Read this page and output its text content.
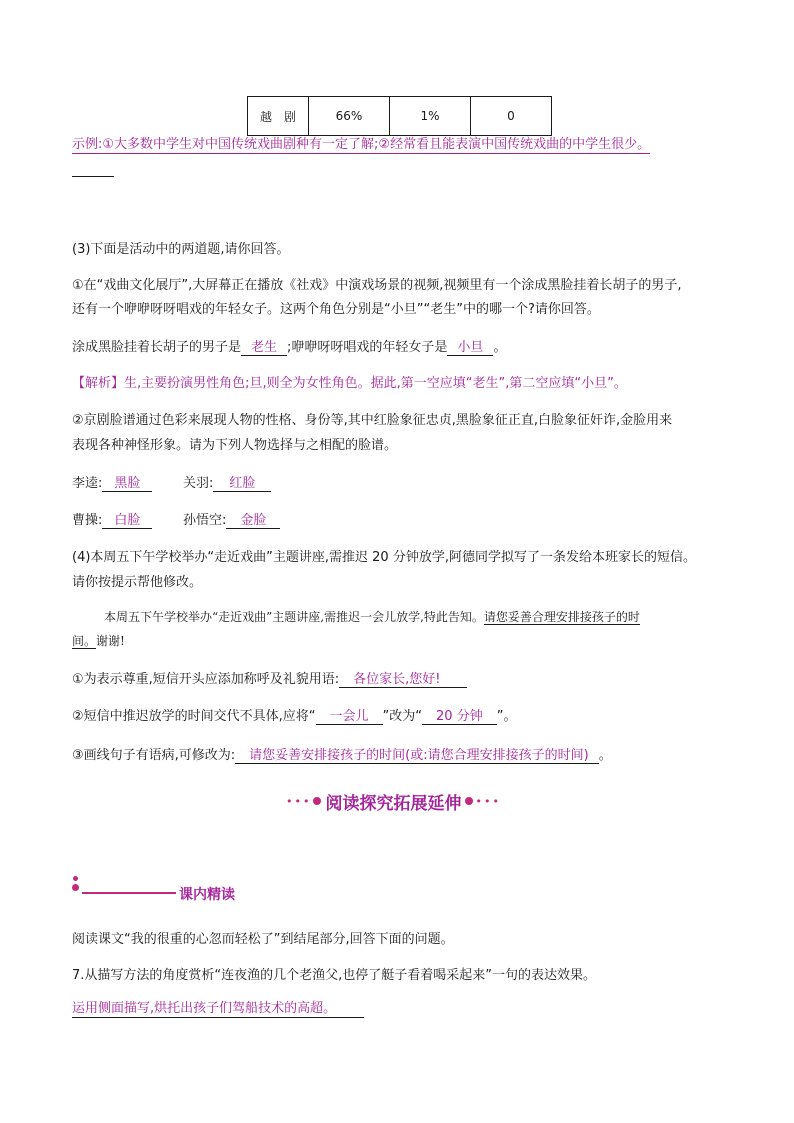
越　剧	66%	1%	0
示例:①大多数中学生对中国传统戏曲剧种有一定了解;②经常看且能表演中国传统戏曲的中学生很少。
(3)下面是活动中的两道题,请你回答。
①在“戏曲文化展厅”,大屏幕正在播放《社戏》中演戏场景的视频,视频里有一个涂成黑脸挂着长胡子的男子,
还有一个咿咿呀呀唱戏的年轻女子。这两个角色分别是“小旦”“老生”中的哪一个?请你回答。
涂成黑脸挂着长胡子的男子是 老生 ;咿咿呀呀唱戏的年轻女子是 小旦 。
【解析】生,主要扮演男性角色;旦,则全为女性角色。据此,第一空应填“老生”,第二空应填“小旦”。
②京剧脸谱通过色彩来展现人物的性格、身份等,其中红脸象征忠贞,黑脸象征正直,白脸象征奸诈,金脸用来
表现各种神怪形象。请为下列人物选择与之相配的脸谱。
李逵: 黑脸	关羽: 红脸
曹操: 白脸	孙悟空: 金脸
(4)本周五下午学校举办“走近戏曲”主题讲座,需推迟 20 分钟放学,阿德同学拟写了一条发给本班家长的短信。
请你按提示帮他修改。
本周五下午学校举办“走近戏曲”主题讲座,需推迟一会儿放学,特此告知。请您妥善合理安排接孩子的时
间。谢谢!
①为表示尊重,短信开头应添加称呼及礼貌用语: 各位家长,您好!
②短信中推迟放学的时间交代不具体,应将“ 一会儿 ”改为“ 20 分钟 ”。
③画线句子有语病,可修改为: 请您妥善安排接孩子的时间(或:请您合理安排接孩子的时间) 。
••• 阅读探究拓展延伸 •••
课内精读
阅读课文“我的很重的心忽而轻松了”到结尾部分,回答下面的问题。
7.从描写方法的角度赏析“连夜渔的几个老渔父,也停了艇子看着喝采起来”一句的表达效果。
运用侧面描写,烘托出孩子们驾船技术的高超。
